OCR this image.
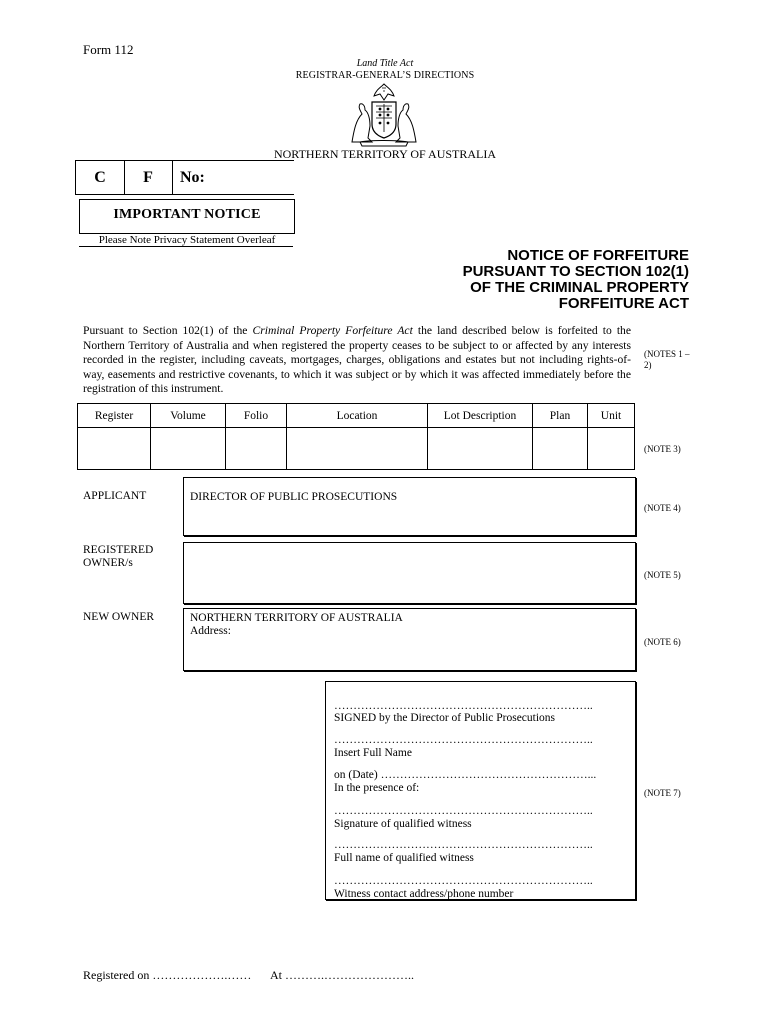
Form 112
Land Title Act
REGISTRAR-GENERAL’S DIRECTIONS
NORTHERN TERRITORY OF AUSTRALIA
C	F	No:
IMPORTANT NOTICE
Please Note Privacy Statement Overleaf
NOTICE OF FORFEITURE
PURSUANT TO SECTION 102(1)
OF THE CRIMINAL PROPERTY
FORFEITURE ACT
Pursuant to Section 102(1) of the Criminal Property Forfeiture Act the land described below is forfeited to the Northern Territory of Australia and when registered the property ceases to be subject to or affected by any interests recorded in the register, including caveats, mortgages, charges, obligations and estates but not including rights-of-way, easements and restrictive covenants, to which it was subject or by which it was affected immediately before the registration of this instrument.
(NOTES 1 – 2)
Register	Volume	Folio	Location	Lot Description	Plan	Unit

(NOTE 3)
APPLICANT	DIRECTOR OF PUBLIC PROSECUTIONS
(NOTE 4)
REGISTERED
OWNER/s
(NOTE 5)
NEW OWNER	NORTHERN TERRITORY OF AUSTRALIA
Address:
(NOTE 6)
…………………………………………………………..
SIGNED by the Director of Public Prosecutions
…………………………………………………………..
Insert Full Name
on (Date) ………………………………………………...
In the presence of:
…………………………………………………………..
Signature of qualified witness
…………………………………………………………..
Full name of qualified witness
…………………………………………………………..
Witness contact address/phone number
(NOTE 7)
Registered on ……………….…… At ……….…………………..
